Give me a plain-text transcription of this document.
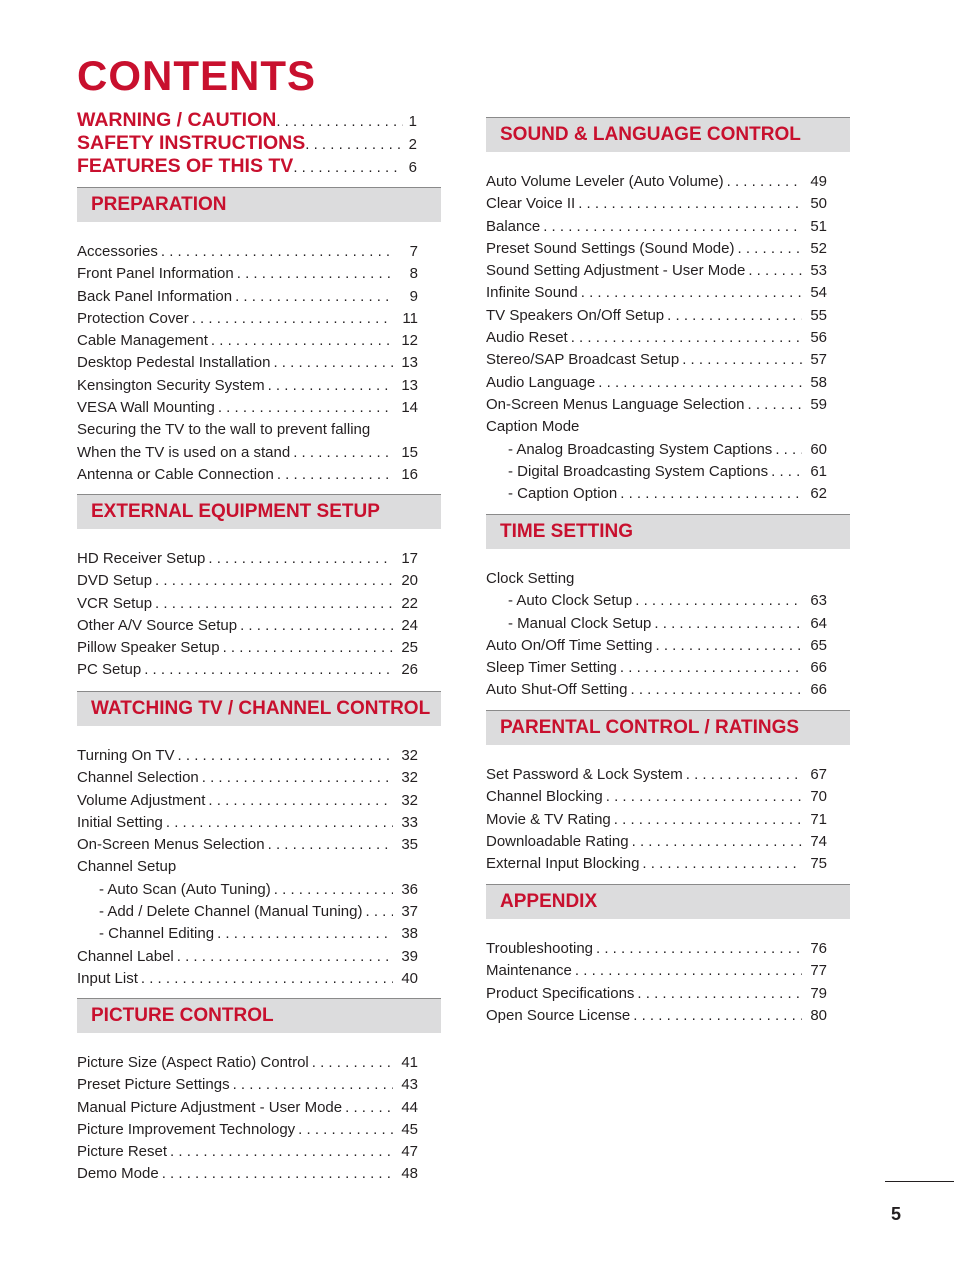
CONTENTS
WARNING / CAUTION . . .	1
SAFETY INSTRUCTIONS . . .	2
FEATURES OF THIS TV . . .	6
PREPARATION
Accessories . . .	7
Front Panel Information . . .	8
Back Panel Information . . .	9
Protection Cover . . .	11
Cable Management . . .	12
Desktop Pedestal Installation . . .	13
Kensington Security System . . .	13
VESA Wall Mounting . . .	14
Securing the TV to the wall to prevent falling
When the TV is used on a stand . . .	15
Antenna or Cable Connection . . .	16
EXTERNAL EQUIPMENT SETUP
HD Receiver Setup . . .	17
DVD Setup . . .	20
VCR Setup . . .	22
Other A/V Source Setup . . .	24
Pillow Speaker Setup . . .	25
PC Setup . . .	26
WATCHING TV / CHANNEL CONTROL
Turning On TV . . .	32
Channel Selection . . .	32
Volume Adjustment . . .	32
Initial Setting . . .	33
On-Screen Menus Selection . . .	35
Channel Setup
- Auto Scan (Auto Tuning) . . .	36
- Add / Delete Channel (Manual Tuning) . . .	37
- Channel Editing . . .	38
Channel Label . . .	39
Input List . . .	40
PICTURE CONTROL
Picture Size (Aspect Ratio) Control . . .	41
Preset Picture Settings . . .	43
Manual Picture Adjustment - User Mode . . .	44
Picture Improvement Technology . . .	45
Picture Reset . . .	47
Demo Mode . . .	48
SOUND & LANGUAGE CONTROL
Auto Volume Leveler (Auto Volume) . . .	49
Clear Voice II . . .	50
Balance . . .	51
Preset Sound Settings (Sound Mode) . . .	52
Sound Setting Adjustment - User Mode . . .	53
Infinite Sound . . .	54
TV Speakers On/Off Setup . . .	55
Audio Reset . . .	56
Stereo/SAP Broadcast Setup . . .	57
Audio Language . . .	58
On-Screen Menus Language Selection . . .	59
Caption Mode
- Analog Broadcasting System Captions . . .	60
- Digital Broadcasting System Captions . . .	61
- Caption Option . . .	62
TIME SETTING
Clock Setting
- Auto Clock Setup . . .	63
- Manual Clock Setup . . .	64
Auto On/Off Time Setting . . .	65
Sleep Timer Setting . . .	66
Auto Shut-Off Setting . . .	66
PARENTAL CONTROL / RATINGS
Set Password & Lock System . . .	67
Channel Blocking . . .	70
Movie & TV Rating . . .	71
Downloadable Rating . . .	74
External Input Blocking . . .	75
APPENDIX
Troubleshooting . . .	76
Maintenance . . .	77
Product Specifications . . .	79
Open Source License . . .	80
5
